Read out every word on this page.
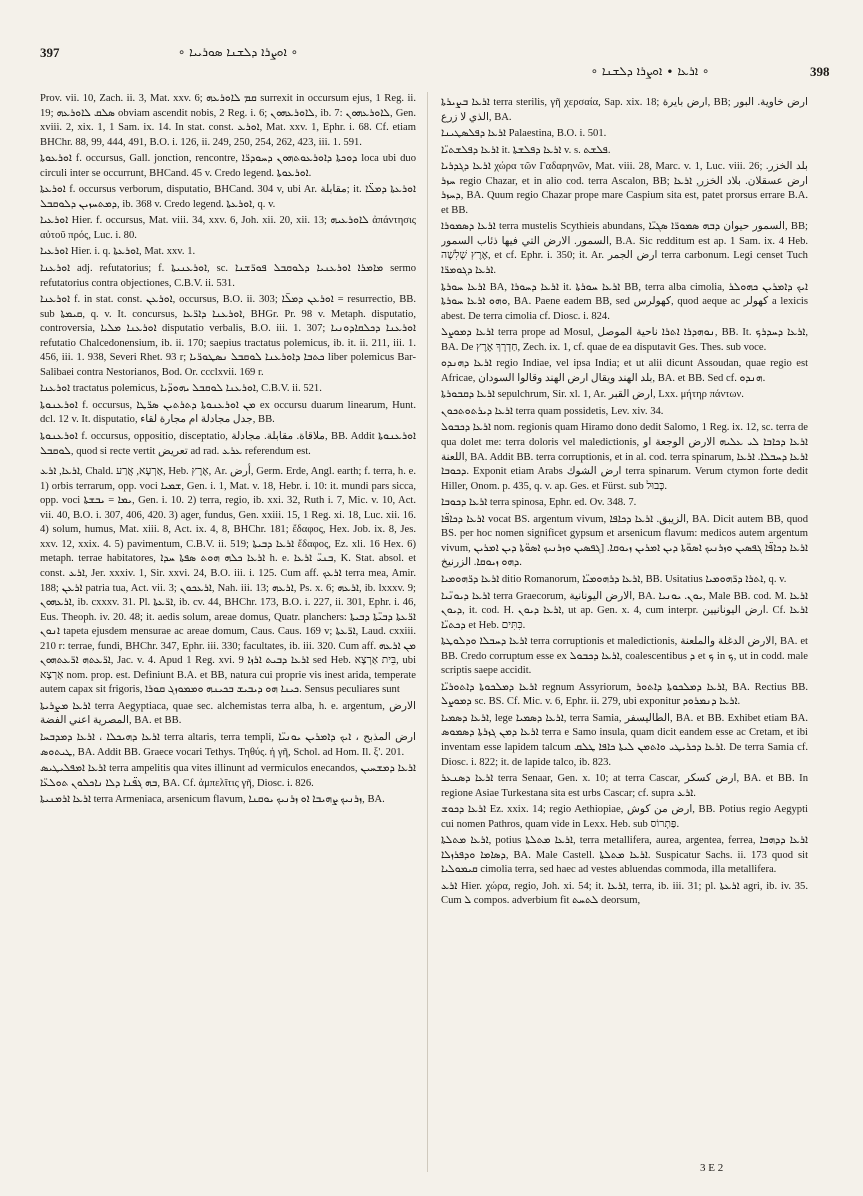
397	∘ ܐܘܨܪܐ ܕܠܫܢܐ ܣܘܪܝܝܐ ∘
∘ ܐܪܥܐ ∙ ܐܘܨܪܐ ܕܠܫܢܐ ∘	398

Prov. vii. 10, Zach. ii. 3, Mat. xxv. 6; ܩܡ ܠܐܘܪܥܗ surrexit in occursum ejus, 1 Reg. ii. 19; ܣܠܩ ܠܐܘܪܥܗ obviam ascendit nobis, 2 Reg. i. 6; ܠܐܘܪܥܗܘܢ, ib. 7: ܠܐܘܪܥܗܘܢ, Gen. xviii. 2, xix. 1, 1 Sam. ix. 14. In stat. const. ܐܘܪܥ, Mat. xxv. 1, Ephr. i. 68. Cf. etiam BHChr. 88, 99, 444, 491, B.O. i. 126, ii. 249, 250, 254, 262, 423, iii. 1. 591.

ܐܘܪܥܘܬܐ f. occursus, Gall. jonction, rencontre, ܕܘܟܬܐ ܕܐܘܪܥܘܬܗܘܢ ܕܚܘܕܪ̈ܐ loca ubi duo circuli inter se occurrunt, BHCand. 45 v. Credo legend. ܐܘܪܥܘܬܐ.

ܐܘܪܥܬܐ f. occursus verborum, disputatio, BHCand. 304 v, ubi Ar. مقابلة; it. ܐܘܪܥܬܐ ܕܡܠ̈ܐ ܕܡܬܚܙܝܢ ܕܠܘܩܒܠ, ib. 368 v. Credo legend. ܐܘܪܥܬܐ, q. v.

ܐܘܪܥܝܐ Hier. f. occursus, Mat. viii. 34, xxv. 6, Joh. xii. 20, xii. 13; ܠܐܘܪܥܝܗ ἀπάντησις αὐτοῦ πρός, Luc. i. 80.

ܐܘܪܥܝܐ Hier. i. q. ܐܘܪܥܬܐ, Mat. xxv. 1.

ܐܘܪܥܢܐ adj. refutatorius; f. ܐܘܪܥܢܝܬܐ, sc. ܡܐܡܪܐ ܐܘܪܥܢܝܐ ܕܠܘܩܒܠ ܦܘܪ̈ܫܢܐ sermo refutatorius contra objectiones, C.B.V. ii. 531.

ܐܘܪܥܢܐ f. in stat. const. ܐܘܪܥܢ, occursus, B.O. ii. 303; ܐܘܪܥܢ ܕܡܠ̈ܐ = resurrectio, BB. sub ܩܝܡܬܐ, q. v. It. concursus, ܐܘܪܥܢܐ ܕܐܪ̈ܥܐ, BHGr. Pr. 98 v. Metaph. disputatio, controversia, ܐܘܪܥܢܐ ܡܠܝܐ disputatio verbalis, B.O. iii. 1. 307; ܐܘܪܥܢܐ ܕܟܠܩܐܕܘܢܝܐ refutatio Chalcedonensium, ib. ii. 170; saepius tractatus polemicus, ib. it. ii. 211, iii. 1. 456, iii. 1. 938, Severi Rhet. 93 r; ܟܬܒܐ ܕܐܘܪܥܢܐ ܠܘܩܒܠ ܢܣܛܘܪ̈ܝܐ liber polemicus Bar-Salibaei contra Nestorianos, Bod. Or. ccclxvii. 169 r.

ܐܘܪܥܢܐ tractatus polemicus, ܐܘܪܥܢܐ ܠܘܩܒܠ ܝܗܘܕ̈ܝܐ, C.B.V. ii. 521.

ܐܘܪܥܢܘܬܐ f. occursus, ܡܢ ܐܘܪܥܢܘܬܐ ܕܬܪܬܝܢ ܣܪ̈ܛܐ ex occursu duarum linearum, Hunt. dcl. 12 v. It. disputatio, جدل مجادلة ام مجارة لقاء, BB.

ܐܘܪܥܢܘܬܐ f. occursus, oppositio, disceptatio, ملاقاة. مقابلة. مجادلة, BB. Addit ܐܘܪܥܢܘܬܐ ܠܘܩܒܠ, quod si recte vertit تعريض ad rad. ܥܪܥ referendum est.

ܐܪܥܐ, ܐܪܥ, Chald. אַרְעָא, אֲרַע, Heb. אֶרֶץ, Ar. أرض, Germ. Erde, Angl. earth; f. terra, h. e. 1) orbis terrarum, opp. voci ܫܡܝܐ, Gen. i. 1, Mat. v. 18, Hebr. i. 10: it. mundi pars sicca, opp. voci ܝܡܐ = ܝܒܫܬܐ, Gen. i. 10. 2) terra, regio, ib. xxi. 32, Ruth i. 7, Mic. v. 10, Act. vii. 40, B.O. i. 307, 406, 420. 3) ager, fundus, Gen. xxiii. 15, 1 Reg. xi. 18, Luc. xii. 16. 4) solum, humus, Mat. xiii. 8, Act. ix. 4, 8, BHChr. 181; ἔδαφος, Hex. Job. ix. 8, Jes. xxv. 12, xxix. 4. 5) pavimentum, C.B.V. ii. 519; ܐܪܥܐ ܕܒܝܬܐ ἔδαφος, Ez. xli. 16 Hex. 6) metaph. terrae habitatores, ܐܪܥܐ ܟܠܗ ܗܘܬ ܣܦܬܐ ܚܕܐ h. e. ܒܢܝ̈ ܐܪܥܐ, K. Stat. absol. et const. ܐܪܥ, Jer. xxxiv. 1, Sir. xxvi. 24, B.O. iii. i. 125. Cum aff. ܐܪܥܟ terra mea, Amir. 188; ܐܪܥܢ patria tua, Act. vii. 3; ܐܪܥܟܘܢ, Nah. iii. 13; ܐܪܥܗ, Ps. x. 6; ܐܪܥܗ, ib. lxxxv. 9; ܐܪܥܗܘܢ, ib. cxxxv. 31. Pl. ܐܪ̈ܥܬܐ, ib. cv. 44, BHChr. 173, B.O. i. 227, ii. 301, Ephr. i. 46, Eus. Theoph. iv. 20. 48; it. aedis solum, areae domus, Quatr. planchers: ܐܪ̈ܥܬܐ ܕܒܝ̈ܬܐ ܕܒܝܬܐ ܐܢܘܢ tapeta ejusdem mensurae ac areae domum, Caus. Caus. 169 v; ܐܪ̈ܥܬܐ, Laud. cxxiii. 210 r: terrae, fundi, BHChr. 347, Ephr. iii. 330; facultates, ib. iii. 320. Cum aff. ܡܢ ܐܪܥܗ ܐܪ̈ܥܬܗ ܐܪ̈ܥܬܗܘܢ, Jac. v. 4. Apud 1 Reg. xvi. 9 ܐܪܥܐ ܕܒܝܬ ܐܪܙܐ sed Heb. בֵּית אַרְצָא, ubi אַרְצָא nom. prop. est. Definiunt B.A. et BB, natura cui proprie vis inest arida, temperate autem capax sit frigoris, ܟܝܢܐ ܗܘ ܕܝܒܝܫ ܒܟܝܢܗ ܘܡܡܘܙܓ ܩܘܪܐ. Sensus peculiares sunt

ܐܪܥܐ ܡܨܪܝܬܐ terra Aegyptiaca, quae sec. alchemistas terra alba, h. e. argentum, الارض المصرية اعني الفضة, BA. et BB.

ܐܪܥܐ ܕܗܝܟܠܐ ، ܐܪܥܐ ܕܡܕܒܚܐ terra altaris, terra templi, ارض المذبح ، ܐܝܟ ܕܐܡܪܝܢ ܝܘܢܝ̈ܐ ܛܝܬܘܣ, BA. Addit BB. Graece vocari Tethys. Τηθύς. ἡ γῆ, Schol. ad Hom. Il. ξ'. 201.

ܐܪܥܐ ܐܡܦܠܝܛܝܣ terra ampelitis qua vites illinunt ad vermiculos enecandos, ܐܪܥܐ ܕܡܫܚܝܢ ܒܗ ܓܦ̈ܢܐ ܕܠܐ ܢܐܟܠܘܢ ܬܘܠܥ̈ܐ, BA. Cf. ἀμπελῖτις γῆ, Diosc. i. 826.

ܐܪܥܐ ܐܪܡܢܝܬܐ terra Armeniaca, arsenicum flavum, ܙܪܢܝܟ ܨܗܝܒܐ ܐܘ ܙܪܢܝܟ ܝܘܩܢܐ, BA.

ܐܪܥܐ ܒܨܝܪܬܐ terra sterilis, γῆ χερσαία, Sap. xix. 18; ارض بايرة, BB; ارض خاوية. البور الذي لا زرع, BA.

ܐܪܥܐ ܕܦܠܣܛܝܢܐ Palaestina, B.O. i. 501.

ܐܪܥܐ ܕܦܠܫܬܝ̈ܐ it. ܐܪܥܐ ܕܦܠܫܬܐ v. s. ܦܠܫܬ.

ܐܪܥܐ ܕܓܕܪܝܐ χώρα τῶν Γαδαρηνῶν, Mat. viii. 28, Marc. v. 1, Luc. viii. 26; بلد الخزر. ܚܙܪ regio Chazar, et in alio cod. terra Ascalon, BB; ارض عسقلان. بلاد الخزر, ܐܪܥܐ ܕܚܙܪ, BA. Quum regio Chazar prope mare Caspium sita est, patet prorsus errare B.A. et BB.

ܐܪܥܐ ܕܣܡܘܪܐ terra mustelis Scythieis abundans, السمور حيوان ܕܒܗ ܣܡܘܪ̈ܐ ܣܓܝ̈ܐ, BB; السمور. الارض التي فيها ذئاب السمور, B.A. Sic redditum est ap. 1 Sam. ix. 4 Heb. אֶרֶץ שָׁלִשָׁה, et cf. Ephr. i. 350; it. Ar. ارض الجمر terra carbonum. Legi censet Tuch ܐܪܥܐ ܕܓܘܡܪ̈ܐ.

ܐܪܥܐ ܚܘܪܬܐ BA, ܐܪܥܐ ܕܚܘܪܐ it. ܐܪܥܐ ܚܘܪܬܐ BB, terra alba cimolia, ܐܝܟ ܕܐܡܪܝܢ ܟܗܘܠܪ ܘܗܘ ܐܪܥܐ ܚܘܪܬܐ, BA. Paene eadem BB, sed كهولرس, quod aeque ac كهولر a lexicis abest. De terra cimolia cf. Diosc. i. 824.

ܐܪܥܐ ܕܡܘܨܠ terra prope ad Mosul, ܢܘܗܕܪܐ ܐܬܪܐ ناحية الموصل, BB. It. ܐܪܥܐ ܕܚܕܪܟ, BA. De חַדְרָךְ אֶרֶץ, Zech. ix. 1, cf. quae de ea disputavit Ges. Thes. sub voce.

ܐܪܥܐ ܕܗܢܕܘ regio Indiae, vel ipsa India; et ut alii dicunt Assoudan, quae regio est Africae, بلد الهند ويقال ارض الهند وقالوا السودان, BA. et BB. Sed cf. ܗܢܕܘ.

ܐܪܥܐ ܕܩܒܘܪܬܐ sepulchrum, Sir. xl. 1, Ar. ارض القبر, Lxx. μήτηρ πάντων.

ܐܪܥܐ ܕܝܪܬܘܬܟܘܢ terra quam possidetis, Lev. xiv. 34.

ܐܪܥܐ ܕܟܒܘܠ nom. regionis quam Hiramo dono dedit Salomo, 1 Reg. ix. 12, sc. terra de qua dolet me: terra doloris vel maledictionis, ܐܪܥܐ ܕܟܐܒܐ ܠܝ ܥܠܝܗ الارض الوجعة او اللعنة, BA. Addit BB. terra corruptionis, et in al. cod. terra spinarum, ܐܪܥܐ ܕܚܒܠܐ. ܐܪܥܐ ܕܟܘܒܐ. Exponit etiam Arabs ارض الشوك terra spinarum. Verum ctymon forte dedit Hiller, Onom. p. 435, q. v. ap. Ges. et Fürst. sub כָּבוּל.

ܐܪܥܐ ܕܟܘܒܐ terra spinosa, Ephr. ed. Ov. 348. 7.

ܐܪܥܐ ܕܟܐܦ̈ܐ vocat BS. argentum vivum, الزيبق. ܐܪܥܐ ܕܟܐܦܐ, BA. Dicit autem BB, quod BS. per hoc nomen significet gypsum et arsenicum flavum: medicos autem argentum vivum, ܐܪܥܐ ܕܟܐܦ̈ܐ ܓܦܣܝܢ ܘܙܪܢܝܟ ܐܣܘ̈ܬܐ ܕܝܢ ܐܡܪܝܢ ܙܝܘܩܐ. [ܓܦܣܝܢ ܘܙܪܢܝܟ ܐܣܘ̈ܬܐ ܕܝܢ ܐܡܪܝܢ ܕܗܘ ܙܝܘܩܐ. الزرنيخ.

ܐܪܥܐ ܕܪ̈ܗܘܡܝܐ ditio Romanorum, ܐܪܥܐ ܕܪܗܘܡܝ̈ܐ, BB. Usitatius ܐܬܪܐ ܕܪ̈ܗܘܡܝܐ, q. v.

ܐܪܥܐ ܕܝܘܢ̈ܝܐ terra Graecorum, الارض اليونانية, BA. ܝܘܢ. ܝܘܢܝܐ, Male BB. cod. M. ܐܪܥܐ ܕܝܘܢ, it. cod. H. ܐܪܥܐ ܕܝܘܢ, ut ap. Gen. x. 4, cum interpr. ارض اليونانيين. Cf. ܐܪܥܐ ܕܟܬܝ̈ܐ et Heb. כִּתִּים.

ܐܪܥܐ ܕܚܒܠܐ ܘܕܠܘܛܬܐ terra corruptionis et maledictionis, الارض الدغلة والملعنة, BA. et BB. Credo corruptum esse ex ܐܪܥܐ ܕܟܒܘܠ, coalescentibus ܕ et ܟ in ܟ, ut in codd. male scriptis saepe accidit.

ܐܪܥܐ ܕܡܠܟܘܬܐ ܕܐܬܘܪܝ̈ܐ regnum Assyriorum, ܐܪܥܐ ܕܡܠܟܘܬܐ ܕܐܬܘܪ, BA. Rectius BB. ܕܡܘܨܠ sc. BS. Cf. Mic. v. 6, Ephr. ii. 279, ubi exponitur ܐܪܥܐ ܕܢܡܪܘܕ.

ܐܪܥܐ ܕܣܡܝܐ, lege ܐܪܥܐ ܕܣܡܝܐ, terra Samia, الطاليسفر, BA. et BB. Exhibet etiam BA. ܐܪܥܐ ܕܡܢ ܓܙܪܬܐ ܕܣܡܘܣ terra e Samo insula, quam dicit eandem esse ac Cretam, et ibi inventam esse lapidem talcum ܐܪܥܐ ܕܟܪܝܛܝ ܘܐܬܡܢ ܠܝܬܐ ܟܐܦܐ ܛܠܩ. De terra Samia cf. Diosc. i. 822; it. de lapide talco, ib. 823.

ܐܪܥܐ ܕܣܢܥܪ terra Senaar, Gen. x. 10; at terra Cascar, ارض كسكر, BA. et BB. In regione Asiae Turkestana sita est urbs Cascar; cf. supra ܐܪܥ.

ܐܪܥܐ ܕܟܘܫ Ez. xxix. 14; regio Aethiopiae, ارض من كوش, BB. Potius regio Aegypti cui nomen Pathros, quam vide in Lexx. Heb. sub פַּתְרוֹס.

ܐܪܥܐ ܡܬܠܬܐ, potius ܐܪܥܐ ܡܬܠܬܐ, terra metallifera, aurea, argentea, ferrea, ܐܪܥܐ ܕܕܗܒܐ ܕܣܐܡܐ ܘܕܦܪܙܠܐ, BA. Male Castell. ܐܪܥܐ ܡܬܠܬܐ. Suspicatur Sachs. ii. 173 quod sit ܩܝܡܘܠܝܐ cimolia terra, sed haec ad vestes abluendas commoda, illa metallifera.

ܐܪܥ Hier. χώρα, regio, Joh. xi. 54; it. ܐܪܥܐ, terra, ib. iii. 31; pl. ܐܪܥܬܐ agri, ib. iv. 35. Cum ܠ compos. adverbium fit ܠܬܚܬ deorsum,

3 E 2
